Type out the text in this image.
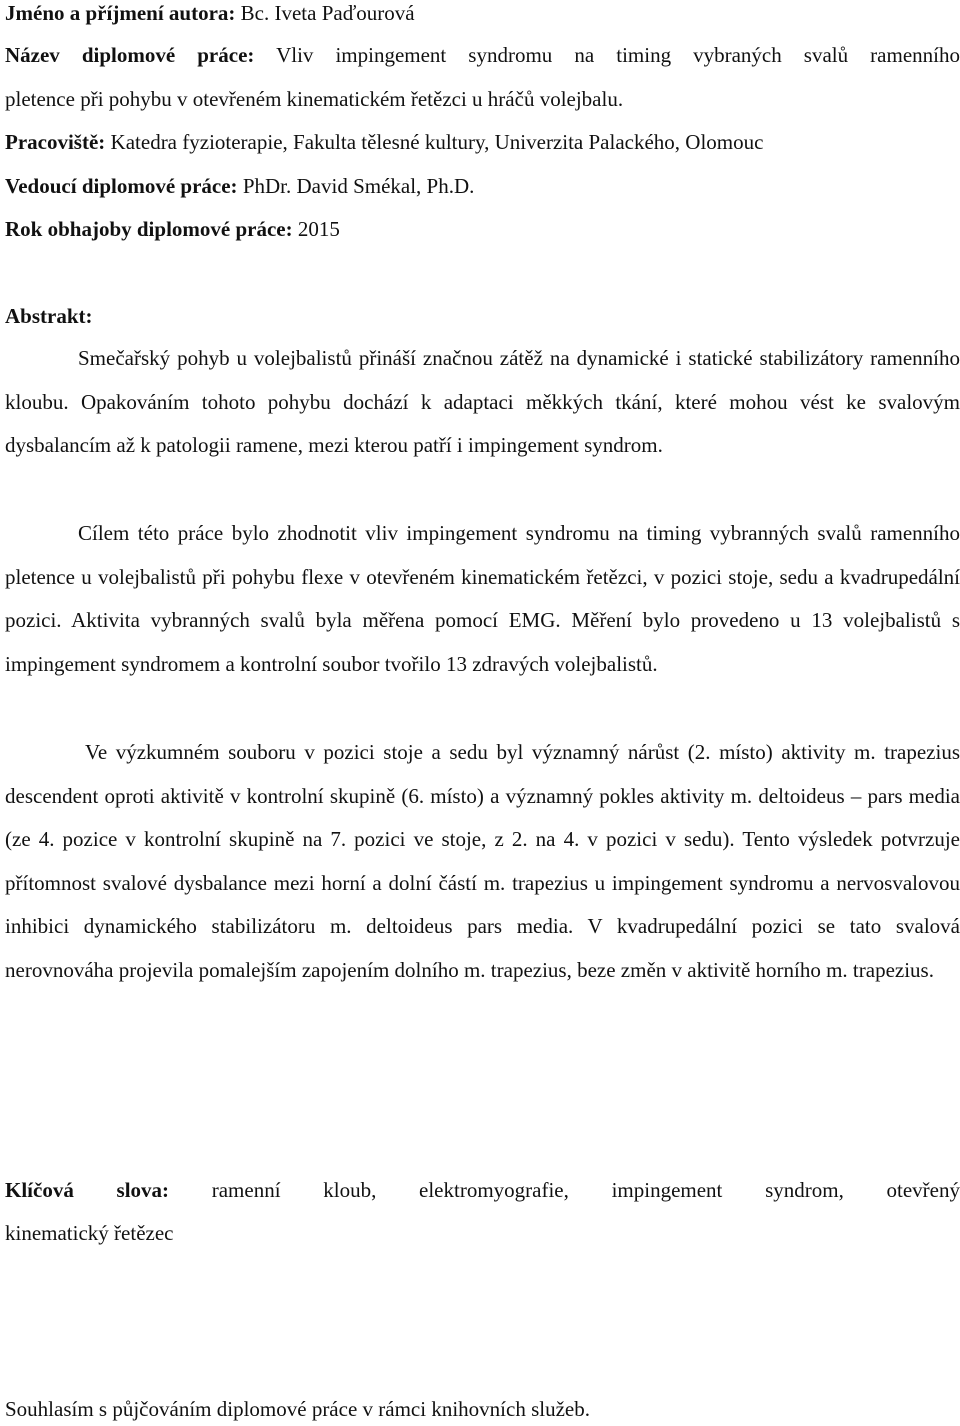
Jméno a příjmení autora: Bc. Iveta Paďourová
Název diplomové práce: Vliv impingement syndromu na timing vybraných svalů ramenního
pletence při pohybu v otevřeném kinematickém řetězci u hráčů volejbalu.
Pracoviště: Katedra fyzioterapie, Fakulta tělesné kultury, Univerzita Palackého, Olomouc
Vedoucí diplomové práce: PhDr. David Smékal, Ph.D.
Rok obhajoby diplomové práce: 2015
Abstrakt:
Smečařský pohyb u volejbalistů přináší značnou zátěž na dynamické i statické stabilizátory ramenního kloubu. Opakováním tohoto pohybu dochází k adaptaci měkkých tkání, které mohou vést ke svalovým dysbalancím až k patologii ramene, mezi kterou patří i impingement syndrom.
Cílem této práce bylo zhodnotit vliv impingement syndromu na timing vybranných svalů ramenního pletence u volejbalistů při pohybu flexe v otevřeném kinematickém řetězci, v pozici stoje, sedu a kvadrupedální pozici. Aktivita vybranných svalů byla měřena pomocí EMG. Měření bylo provedeno u 13 volejbalistů s impingement syndromem a kontrolní soubor tvořilo 13 zdravých volejbalistů.
Ve výzkumném souboru v pozici stoje a sedu byl významný nárůst (2. místo) aktivity m. trapezius descendent oproti aktivitě v kontrolní skupině (6. místo) a významný pokles aktivity m. deltoideus – pars media (ze 4. pozice v kontrolní skupině na 7. pozici ve stoje, z 2. na 4. v pozici v sedu). Tento výsledek potvrzuje přítomnost svalové dysbalance mezi horní a dolní částí m. trapezius u impingement syndromu a nervosvalovou inhibici dynamického stabilizátoru m. deltoideus pars media. V kvadrupedální pozici se tato svalová nerovnováha projevila pomalejším zapojením dolního m. trapezius, beze změn v aktivitě horního m. trapezius.
Klíčová slova: ramenní kloub, elektromyografie, impingement syndrom, otevřený
kinematický řetězec
Souhlasím s půjčováním diplomové práce v rámci knihovních služeb.
